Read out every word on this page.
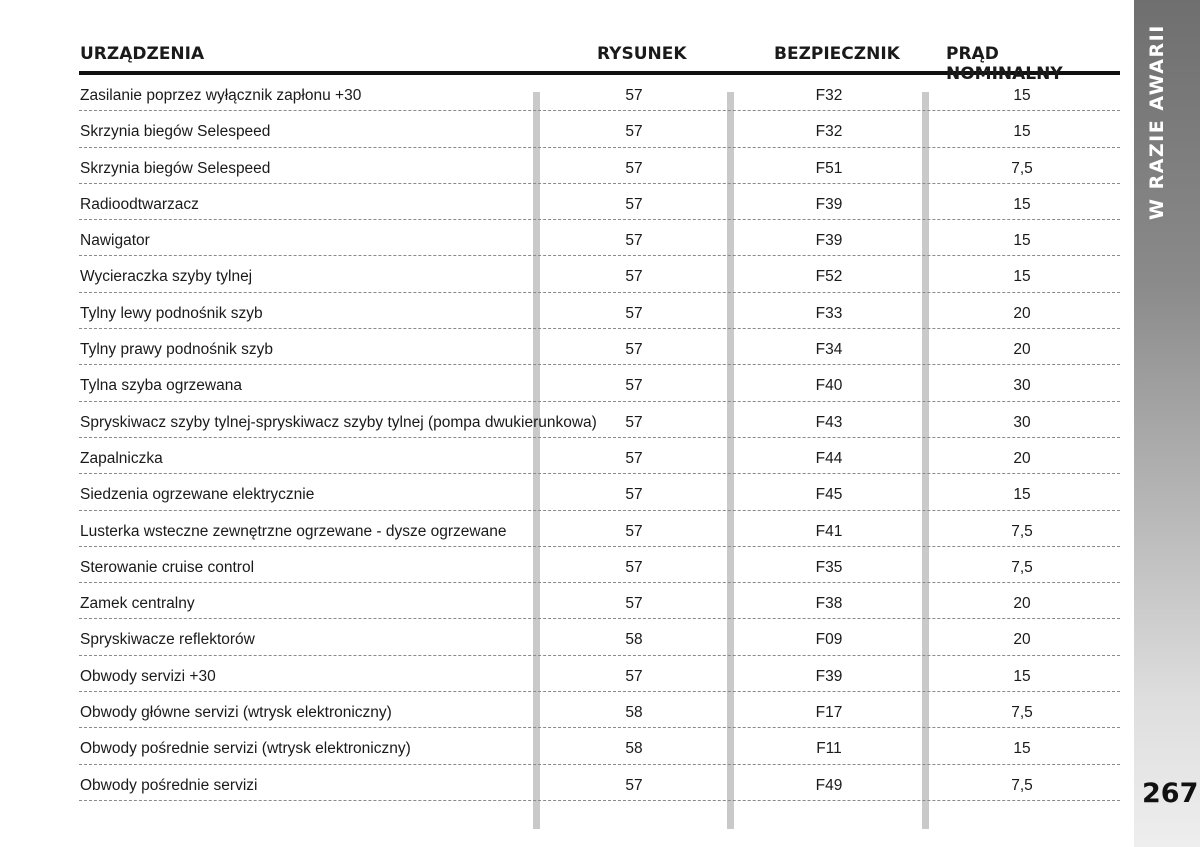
W RAZIE AWARII
267
URZĄDZENIA	RYSUNEK	BEZPIECZNIK	PRĄD NOMINALNY
Zasilanie poprzez wyłącznik zapłonu +30	57	F32	15
Skrzynia biegów Selespeed	57	F32	15
Skrzynia biegów Selespeed	57	F51	7,5
Radioodtwarzacz	57	F39	15
Nawigator	57	F39	15
Wycieraczka szyby tylnej	57	F52	15
Tylny lewy podnośnik szyb	57	F33	20
Tylny prawy podnośnik szyb	57	F34	20
Tylna szyba ogrzewana	57	F40	30
Spryskiwacz szyby tylnej-spryskiwacz szyby tylnej (pompa dwukierunkowa)	57	F43	30
Zapalniczka	57	F44	20
Siedzenia ogrzewane elektrycznie	57	F45	15
Lusterka wsteczne zewnętrzne ogrzewane - dysze ogrzewane	57	F41	7,5
Sterowanie cruise control	57	F35	7,5
Zamek centralny	57	F38	20
Spryskiwacze reflektorów	58	F09	20
Obwody servizi +30	57	F39	15
Obwody główne servizi (wtrysk elektroniczny)	58	F17	7,5
Obwody pośrednie servizi (wtrysk elektroniczny)	58	F11	15
Obwody pośrednie servizi	57	F49	7,5
